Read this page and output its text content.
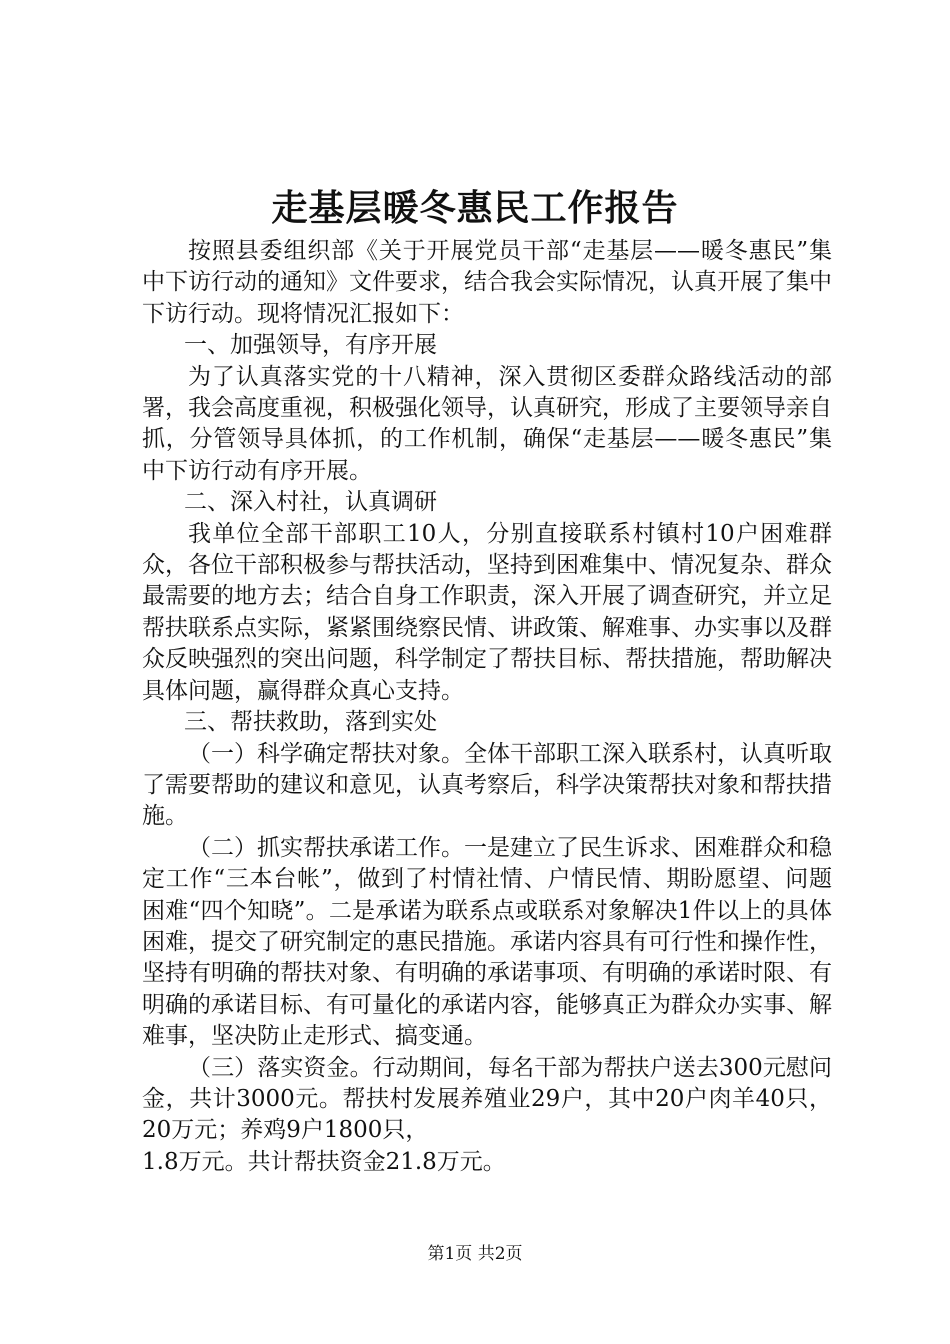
走基层暖冬惠民工作报告

按照县委组织部《关于开展党员干部“走基层——暖冬惠民”集中下访行动的通知》文件要求，结合我会实际情况，认真开展了集中下访行动。现将情况汇报如下：

一、加强领导，有序开展

为了认真落实党的十八精神，深入贯彻区委群众路线活动的部署，我会高度重视，积极强化领导，认真研究，形成了主要领导亲自抓，分管领导具体抓，的工作机制，确保“走基层——暖冬惠民”集中下访行动有序开展。

二、深入村社，认真调研

我单位全部干部职工10人，分别直接联系村镇村10户困难群众，各位干部积极参与帮扶活动，坚持到困难集中、情况复杂、群众最需要的地方去；结合自身工作职责，深入开展了调查研究，并立足帮扶联系点实际，紧紧围绕察民情、讲政策、解难事、办实事以及群众反映强烈的突出问题，科学制定了帮扶目标、帮扶措施，帮助解决具体问题，赢得群众真心支持。

三、帮扶救助，落到实处

（一）科学确定帮扶对象。全体干部职工深入联系村，认真听取了需要帮助的建议和意见，认真考察后，科学决策帮扶对象和帮扶措施。

（二）抓实帮扶承诺工作。一是建立了民生诉求、困难群众和稳定工作“三本台帐”，做到了村情社情、户情民情、期盼愿望、问题困难“四个知晓”。二是承诺为联系点或联系对象解决1件以上的具体困难，提交了研究制定的惠民措施。承诺内容具有可行性和操作性，坚持有明确的帮扶对象、有明确的承诺事项、有明确的承诺时限、有明确的承诺目标、有可量化的承诺内容，能够真正为群众办实事、解难事，坚决防止走形式、搞变通。

（三）落实资金。行动期间，每名干部为帮扶户送去300元慰问金，共计3000元。帮扶村发展养殖业29户，其中20户肉羊40只，20万元；养鸡9户1800只，

1.8万元。共计帮扶资金21.8万元。

第1页 共2页
